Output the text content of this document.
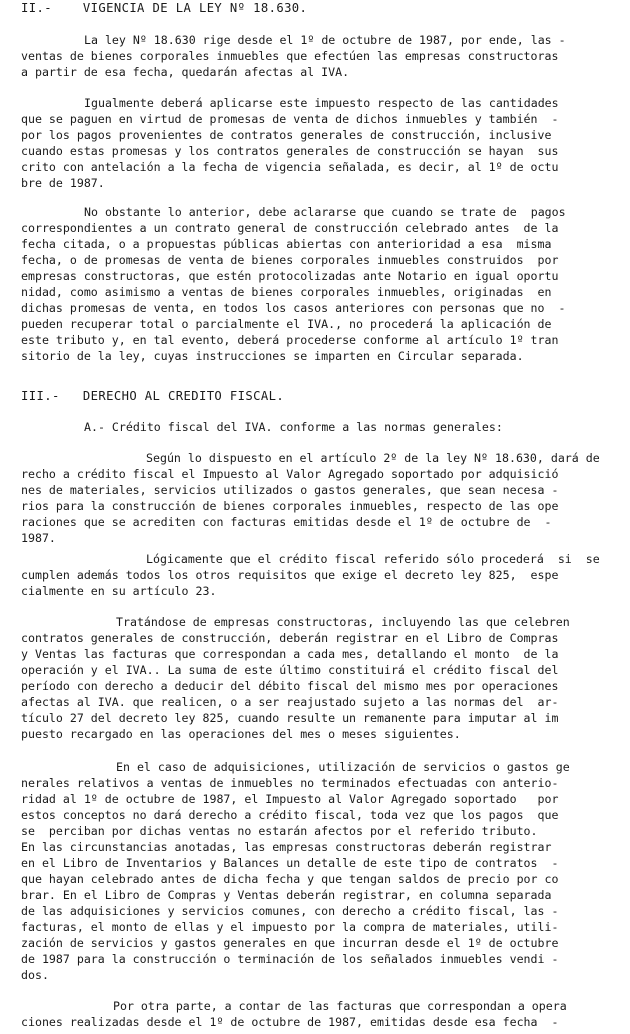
II.-    VIGENCIA DE LA LEY Nº 18.630.
La ley Nº 18.630 rige desde el 1º de octubre de 1987, por ende, las -
ventas de bienes corporales inmuebles que efectúen las empresas constructoras
a partir de esa fecha, quedarán afectas al IVA.
Igualmente deberá aplicarse este impuesto respecto de las cantidades
que se paguen en virtud de promesas de venta de dichos inmuebles y también  -
por los pagos provenientes de contratos generales de construcción, inclusive
cuando estas promesas y los contratos generales de construcción se hayan  sus
crito con antelación a la fecha de vigencia señalada, es decir, al 1º de octu
bre de 1987.
No obstante lo anterior, debe aclararse que cuando se trate de  pagos
correspondientes a un contrato general de construcción celebrado antes  de la
fecha citada, o a propuestas públicas abiertas con anterioridad a esa  misma
fecha, o de promesas de venta de bienes corporales inmuebles construidos  por
empresas constructoras, que estén protocolizadas ante Notario en igual oportu
nidad, como asimismo a ventas de bienes corporales inmuebles, originadas  en
dichas promesas de venta, en todos los casos anteriores con personas que no  -
pueden recuperar total o parcialmente el IVA., no procederá la aplicación de
este tributo y, en tal evento, deberá procederse conforme al artículo 1º tran
sitorio de la ley, cuyas instrucciones se imparten en Circular separada.
III.-   DERECHO AL CREDITO FISCAL.
A.- Crédito fiscal del IVA. conforme a las normas generales:
Según lo dispuesto en el artículo 2º de la ley Nº 18.630, dará de
recho a crédito fiscal el Impuesto al Valor Agregado soportado por adquisició
nes de materiales, servicios utilizados o gastos generales, que sean necesa -
rios para la construcción de bienes corporales inmuebles, respecto de las ope
raciones que se acrediten con facturas emitidas desde el 1º de octubre de  -
1987.
Lógicamente que el crédito fiscal referido sólo procederá  si  se
cumplen además todos los otros requisitos que exige el decreto ley 825,  espe
cialmente en su artículo 23.
Tratándose de empresas constructoras, incluyendo las que celebren
contratos generales de construcción, deberán registrar en el Libro de Compras
y Ventas las facturas que correspondan a cada mes, detallando el monto  de la
operación y el IVA.. La suma de este último constituirá el crédito fiscal del
período con derecho a deducir del débito fiscal del mismo mes por operaciones
afectas al IVA. que realicen, o a ser reajustado sujeto a las normas del  ar-
tículo 27 del decreto ley 825, cuando resulte un remanente para imputar al im
puesto recargado en las operaciones del mes o meses siguientes.
En el caso de adquisiciones, utilización de servicios o gastos ge
nerales relativos a ventas de inmuebles no terminados efectuadas con anterio-
ridad al 1º de octubre de 1987, el Impuesto al Valor Agregado soportado   por
estos conceptos no dará derecho a crédito fiscal, toda vez que los pagos  que
se  perciban por dichas ventas no estarán afectos por el referido tributo.
En las circunstancias anotadas, las empresas constructoras deberán registrar
en el Libro de Inventarios y Balances un detalle de este tipo de contratos  -
que hayan celebrado antes de dicha fecha y que tengan saldos de precio por co
brar. En el Libro de Compras y Ventas deberán registrar, en columna separada
de las adquisiciones y servicios comunes, con derecho a crédito fiscal, las -
facturas, el monto de ellas y el impuesto por la compra de materiales, utili-
zación de servicios y gastos generales en que incurran desde el 1º de octubre
de 1987 para la construcción o terminación de los señalados inmuebles vendi -
dos.
Por otra parte, a contar de las facturas que correspondan a opera
ciones realizadas desde el 1º de octubre de 1987, emitidas desde esa fecha  -
